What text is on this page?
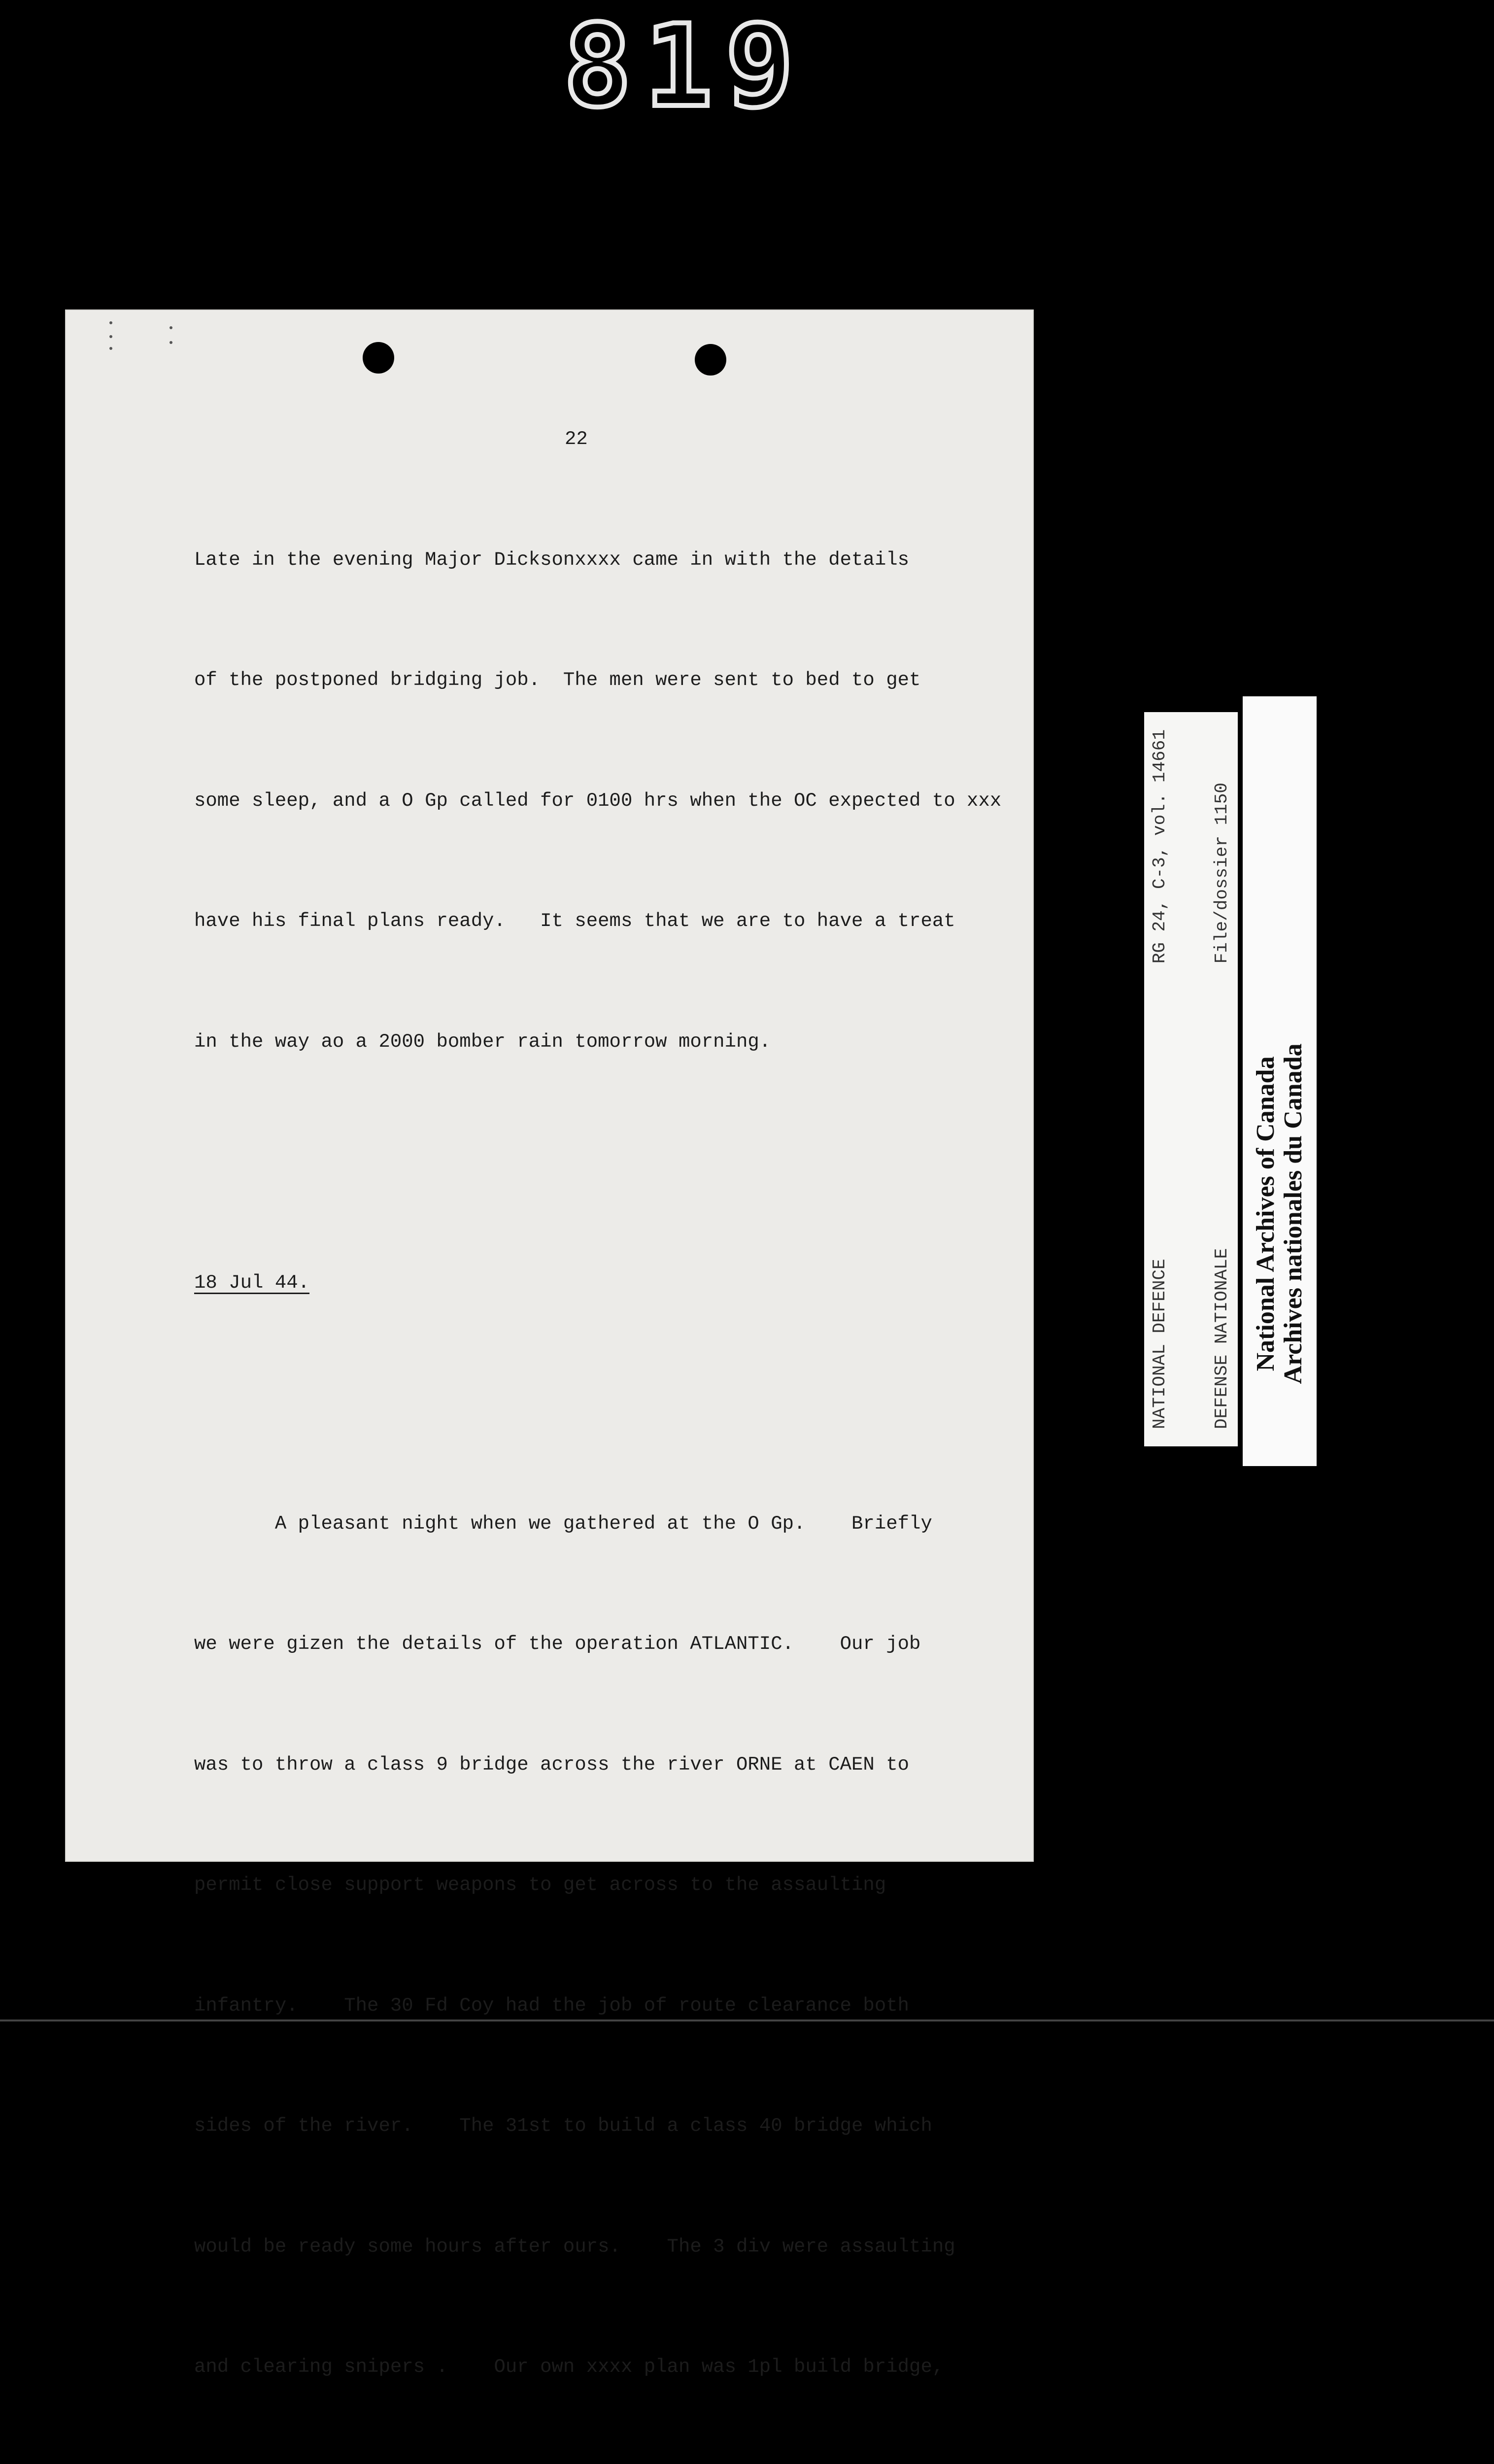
819

22

Late in the evening Major Dicksonxxxx came in with the details

of the postponed bridging job.  The men were sent to bed to get

some sleep, and a O Gp called for 0100 hrs when the OC expected to xxx

have his final plans ready.   It seems that we are to have a treat

in the way ao a 2000 bomber rain tomorrow morning.

18 Jul 44.

A pleasant night when we gathered at the O Gp.    Briefly

we were gizen the details of the operation ATLANTIC.    Our job

was to throw a class 9 bridge across the river ORNE at CAEN to

permit close support weapons to get across to the assaulting

infantry.    The 30 Fd Coy had the job of route clearance both

sides of the river.    The 31st to build a class 40 bridge which

would be ready some hours after ours.    The 3 div were assaulting

and clearing snipers .    Our own xxxx plan was 1pl build bridge,

NATIONAL DEFENCE

DEFENSE NATIONALE

RG 24, C-3, vol. 14661

File/dossier 1150

National Archives of Canada Archives nationales du Canada
